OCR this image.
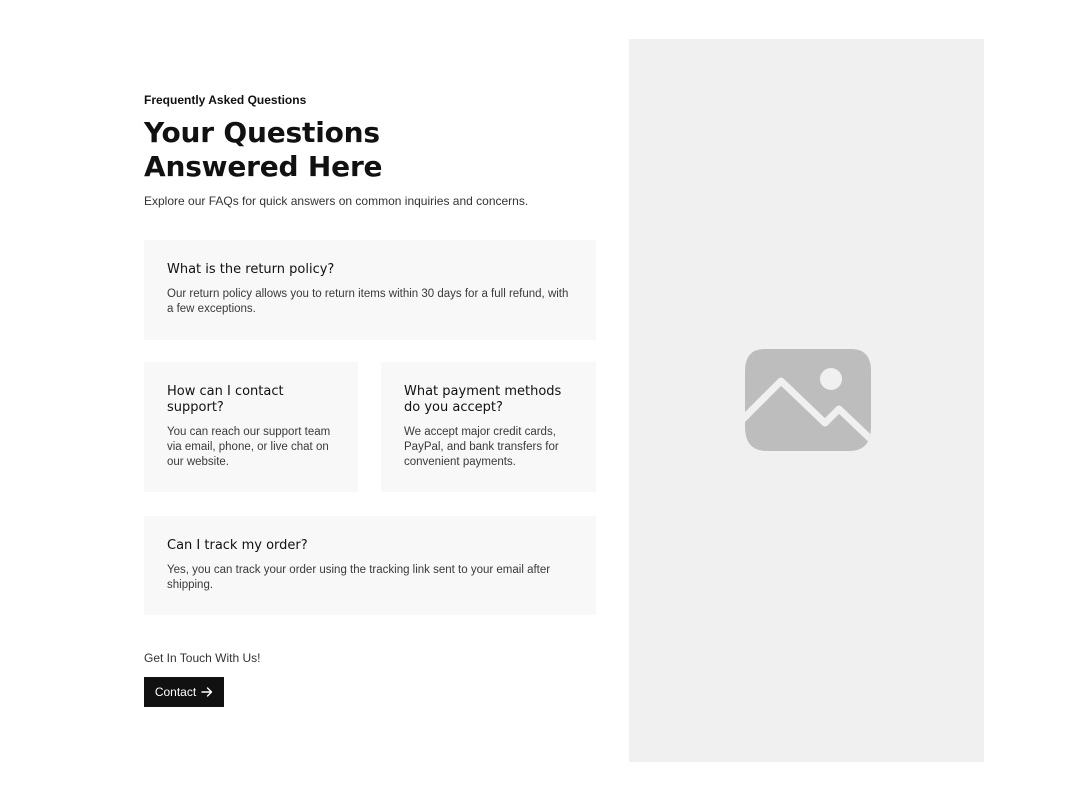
Frequently Asked Questions

Your Questions Answered Here

Explore our FAQs for quick answers on common inquiries and concerns.

What is the return policy?

Our return policy allows you to return items within 30 days for a full refund, with a few exceptions.

How can I contact support?

You can reach our support team via email, phone, or live chat on our website.

What payment methods do you accept?

We accept major credit cards, PayPal, and bank transfers for convenient payments.

Can I track my order?

Yes, you can track your order using the tracking link sent to your email after shipping.

Get In Touch With Us!

Contact
